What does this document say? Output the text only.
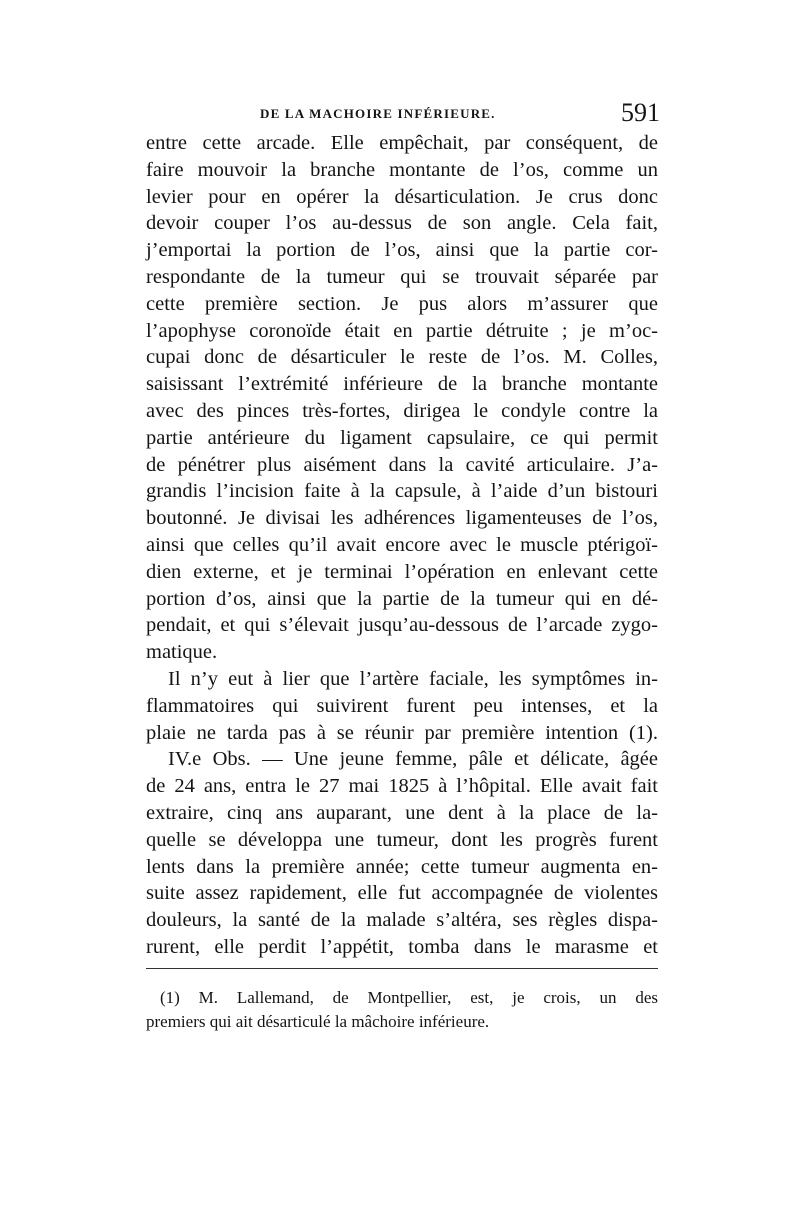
DE LA MACHOIRE INFÉRIEURE.	591
entre cette arcade. Elle empêchait, par conséquent, de
faire mouvoir la branche montante de l’os, comme un
levier pour en opérer la désarticulation. Je crus donc
devoir couper l’os au-dessus de son angle. Cela fait,
j’emportai la portion de l’os, ainsi que la partie cor-
respondante de la tumeur qui se trouvait séparée par
cette première section. Je pus alors m’assurer que
l’apophyse coronoïde était en partie détruite ; je m’oc-
cupai donc de désarticuler le reste de l’os. M. Colles,
saisissant l’extrémité inférieure de la branche montante
avec des pinces très-fortes, dirigea le condyle contre la
partie antérieure du ligament capsulaire, ce qui permit
de pénétrer plus aisément dans la cavité articulaire. J’a-
grandis l’incision faite à la capsule, à l’aide d’un bistouri
boutonné. Je divisai les adhérences ligamenteuses de l’os,
ainsi que celles qu’il avait encore avec le muscle ptérigoï-
dien externe, et je terminai l’opération en enlevant cette
portion d’os, ainsi que la partie de la tumeur qui en dé-
pendait, et qui s’élevait jusqu’au-dessous de l’arcade zygo-
matique.
Il n’y eut à lier que l’artère faciale, les symptômes in-
flammatoires qui suivirent furent peu intenses, et la
plaie ne tarda pas à se réunir par première intention (1).
IV.e Obs. — Une jeune femme, pâle et délicate, âgée
de 24 ans, entra le 27 mai 1825 à l’hôpital. Elle avait fait
extraire, cinq ans auparant, une dent à la place de la-
quelle se développa une tumeur, dont les progrès furent
lents dans la première année; cette tumeur augmenta en-
suite assez rapidement, elle fut accompagnée de violentes
douleurs, la santé de la malade s’altéra, ses règles dispa-
rurent, elle perdit l’appétit, tomba dans le marasme et
(1) M. Lallemand, de Montpellier, est, je crois, un des
premiers qui ait désarticulé la mâchoire inférieure.
